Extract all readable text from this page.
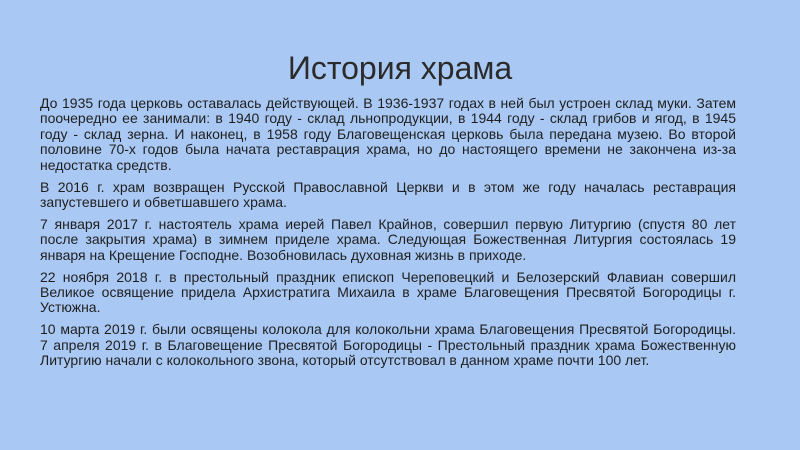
История храма

До 1935 года церковь оставалась действующей. В 1936-1937 годах в ней был устроен склад муки. Затем поочередно ее занимали: в 1940 году - склад льнопродукции, в 1944 году - склад грибов и ягод, в 1945 году - склад зерна. И наконец, в 1958 году Благовещенская церковь была передана музею. Во второй половине 70-х годов была начата реставрация храма, но до настоящего времени не закончена из-за недостатка средств.

В 2016 г. храм возвращен Русской Православной Церкви и в этом же году началась реставрация запустевшего и обветшавшего храма.

7 января 2017 г. настоятель храма иерей Павел Крайнов, совершил первую Литургию (спустя 80 лет после закрытия храма) в зимнем приделе храма. Следующая Божественная Литургия состоялась 19 января на Крещение Господне. Возобновилась духовная жизнь в приходе.

22 ноября 2018 г. в престольный праздник епископ Череповецкий и Белозерский Флавиан совершил Великое освящение придела Архистратига Михаила в храме Благовещения Пресвятой Богородицы г. Устюжна.

10 марта 2019 г. были освящены колокола для колокольни храма Благовещения Пресвятой Богородицы. 7 апреля 2019 г. в Благовещение Пресвятой Богородицы - Престольный праздник храма Божественную Литургию начали с колокольного звона, который отсутствовал в данном храме почти 100 лет.
